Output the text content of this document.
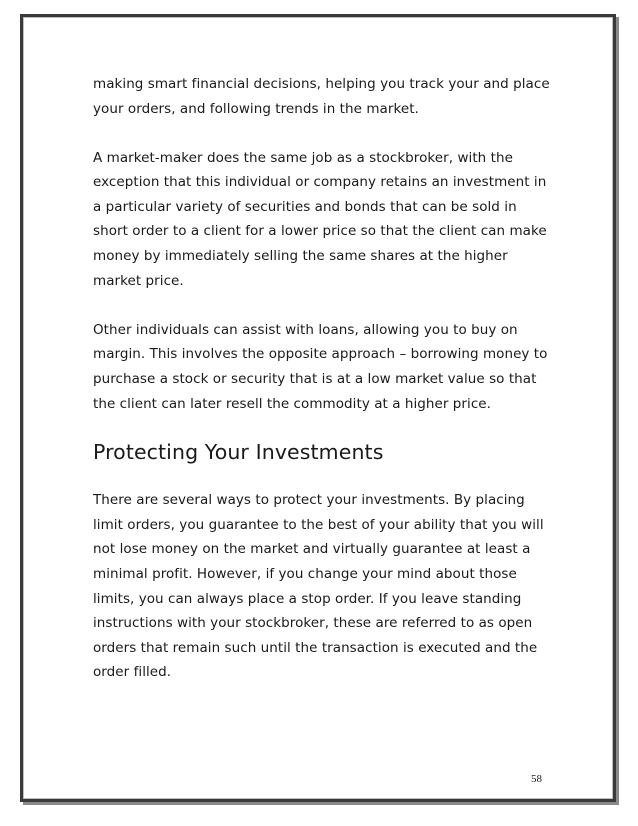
making smart financial decisions, helping you track your and place your orders, and following trends in the market.

A market-maker does the same job as a stockbroker, with the exception that this individual or company retains an investment in a particular variety of securities and bonds that can be sold in short order to a client for a lower price so that the client can make money by immediately selling the same shares at the higher market price.

Other individuals can assist with loans, allowing you to buy on margin. This involves the opposite approach – borrowing money to purchase a stock or security that is at a low market value so that the client can later resell the commodity at a higher price.

Protecting Your Investments

There are several ways to protect your investments. By placing limit orders, you guarantee to the best of your ability that you will not lose money on the market and virtually guarantee at least a minimal profit. However, if you change your mind about those limits, you can always place a stop order. If you leave standing instructions with your stockbroker, these are referred to as open orders that remain such until the transaction is executed and the order filled.

58
